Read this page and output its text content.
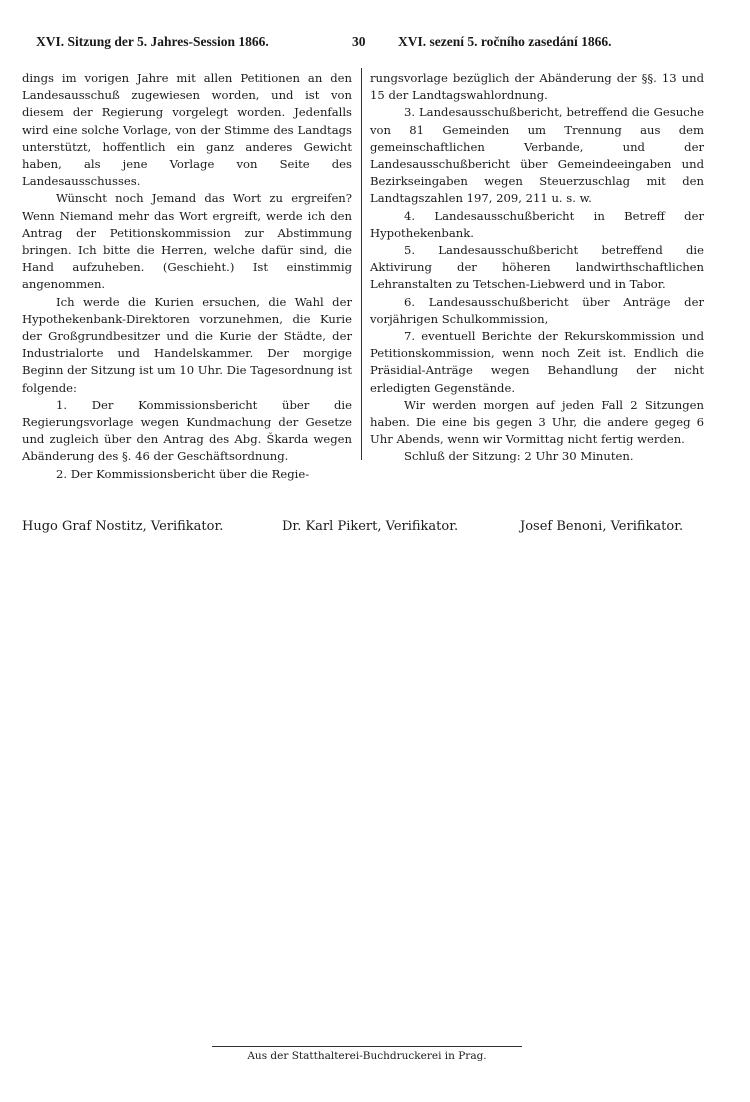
XVI. Sitzung der 5. Jahres-Session 1866.	30 XVI. sezení 5. ročního zasedání 1866.

dings im vorigen Jahre mit allen Petitionen an den Landesausschuß zugewiesen worden, und ist von diesem der Regierung vorgelegt worden. Jedenfalls wird eine solche Vorlage, von der Stimme des Landtags unterstützt, hoffentlich ein ganz anderes Gewicht haben, als jene Vorlage von Seite des Landesausschusses.

Wünscht noch Jemand das Wort zu ergreifen? Wenn Niemand mehr das Wort ergreift, werde ich den Antrag der Petitionskommission zur Abstimmung bringen. Ich bitte die Herren, welche dafür sind, die Hand aufzuheben. (Geschieht.) Ist einstimmig angenommen.

Ich werde die Kurien ersuchen, die Wahl der Hypothekenbank-Direktoren vorzunehmen, die Kurie der Großgrundbesitzer und die Kurie der Städte, der Industrialorte und Handelskammer. Der morgige Beginn der Sitzung ist um 10 Uhr. Die Tagesordnung ist folgende:

1. Der Kommissionsbericht über die Regierungsvorlage wegen Kundmachung der Gesetze und zugleich über den Antrag des Abg. Škarda wegen Abänderung des §. 46 der Geschäftsordnung.

2. Der Kommissionsbericht über die Regie-

rungsvorlage bezüglich der Abänderung der §§. 13 und 15 der Landtagswahlordnung.

3. Landesausschußbericht, betreffend die Gesuche von 81 Gemeinden um Trennung aus dem gemeinschaftlichen Verbande, und der Landesausschußbericht über Gemeindeeingaben und Bezirkseingaben wegen Steuerzuschlag mit den Landtagszahlen 197, 209, 211 u. s. w.

4. Landesausschußbericht in Betreff der Hypothekenbank.

5. Landesausschußbericht betreffend die Aktivirung der höheren landwirthschaftlichen Lehranstalten zu Tetschen-Liebwerd und in Tabor.

6. Landesausschußbericht über Anträge der vorjährigen Schulkommission,

7. eventuell Berichte der Rekurskommission und Petitionskommission, wenn noch Zeit ist. Endlich die Präsidial-Anträge wegen Behandlung der nicht erledigten Gegenstände.

Wir werden morgen auf jeden Fall 2 Sitzungen haben. Die eine bis gegen 3 Uhr, die andere gegeg 6 Uhr Abends, wenn wir Vormittag nicht fertig werden.

Schluß der Sitzung: 2 Uhr 30 Minuten.

Hugo Graf Nostitz, Verifikator.	Dr. Karl Pikert, Verifikator.	Josef Benoni, Verifikator.
Aus der Statthalterei-Buchdruckerei in Prag.
